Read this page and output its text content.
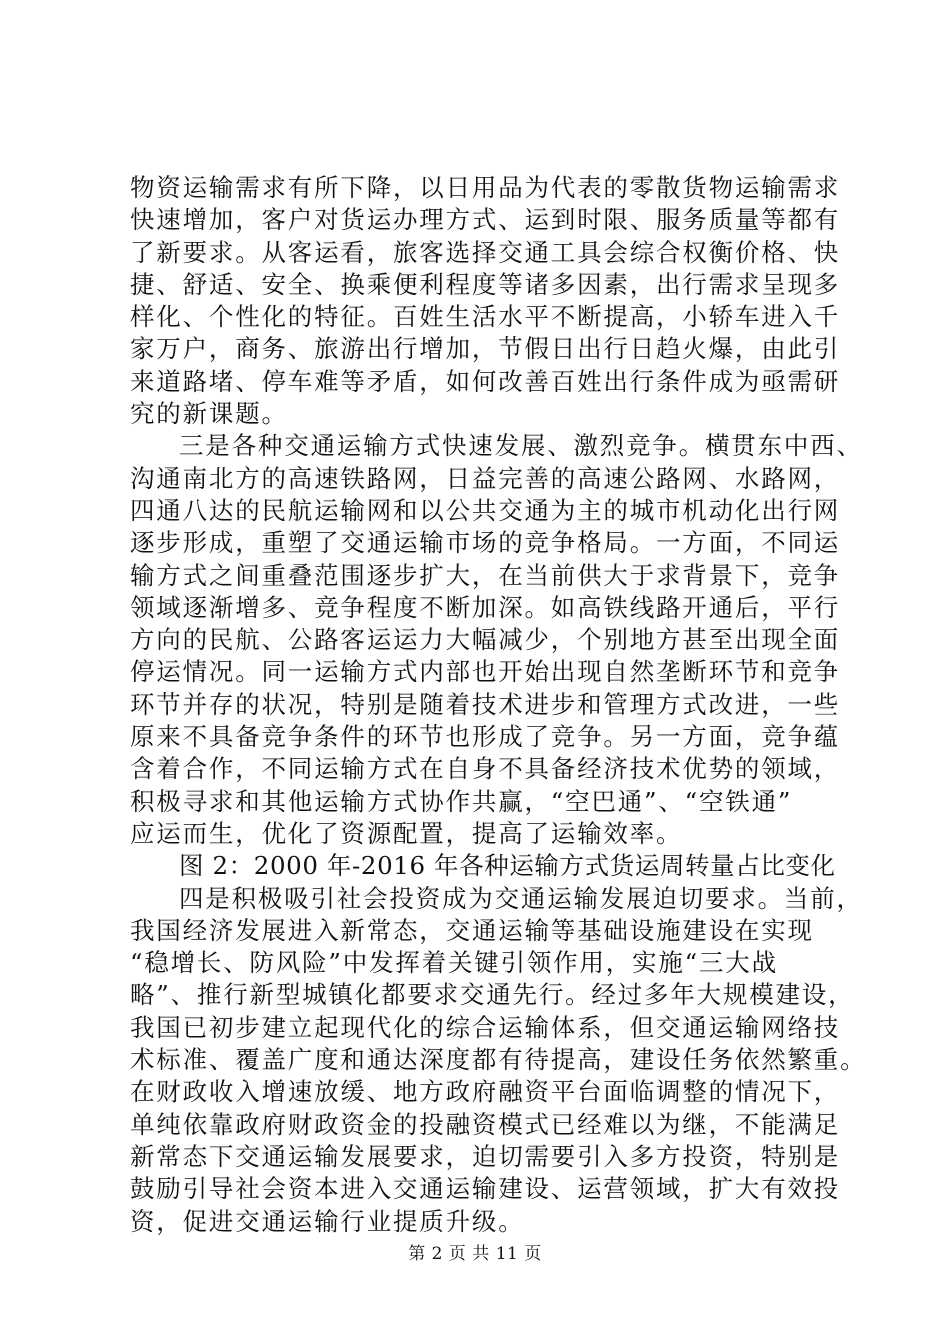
物资运输需求有所下降，以日用品为代表的零散货物运输需求
快速增加，客户对货运办理方式、运到时限、服务质量等都有
了新要求。从客运看，旅客选择交通工具会综合权衡价格、快
捷、舒适、安全、换乘便利程度等诸多因素，出行需求呈现多
样化、个性化的特征。百姓生活水平不断提高，小轿车进入千
家万户，商务、旅游出行增加，节假日出行日趋火爆，由此引
来道路堵、停车难等矛盾，如何改善百姓出行条件成为亟需研
究的新课题。
三是各种交通运输方式快速发展、激烈竞争。横贯东中西、
沟通南北方的高速铁路网，日益完善的高速公路网、水路网，
四通八达的民航运输网和以公共交通为主的城市机动化出行网
逐步形成，重塑了交通运输市场的竞争格局。一方面，不同运
输方式之间重叠范围逐步扩大，在当前供大于求背景下，竞争
领域逐渐增多、竞争程度不断加深。如高铁线路开通后，平行
方向的民航、公路客运运力大幅减少，个别地方甚至出现全面
停运情况。同一运输方式内部也开始出现自然垄断环节和竞争
环节并存的状况，特别是随着技术进步和管理方式改进，一些
原来不具备竞争条件的环节也形成了竞争。另一方面，竞争蕴
含着合作，不同运输方式在自身不具备经济技术优势的领域，
积极寻求和其他运输方式协作共赢，“空巴通”、“空铁通”
应运而生，优化了资源配置，提高了运输效率。
图 2：2000 年-2016 年各种运输方式货运周转量占比变化
四是积极吸引社会投资成为交通运输发展迫切要求。当前，
我国经济发展进入新常态，交通运输等基础设施建设在实现
“稳增长、防风险”中发挥着关键引领作用，实施“三大战
略”、推行新型城镇化都要求交通先行。经过多年大规模建设，
我国已初步建立起现代化的综合运输体系，但交通运输网络技
术标准、覆盖广度和通达深度都有待提高，建设任务依然繁重。
在财政收入增速放缓、地方政府融资平台面临调整的情况下，
单纯依靠政府财政资金的投融资模式已经难以为继，不能满足
新常态下交通运输发展要求，迫切需要引入多方投资，特别是
鼓励引导社会资本进入交通运输建设、运营领域，扩大有效投
资，促进交通运输行业提质升级。
第 2 页 共 11 页
